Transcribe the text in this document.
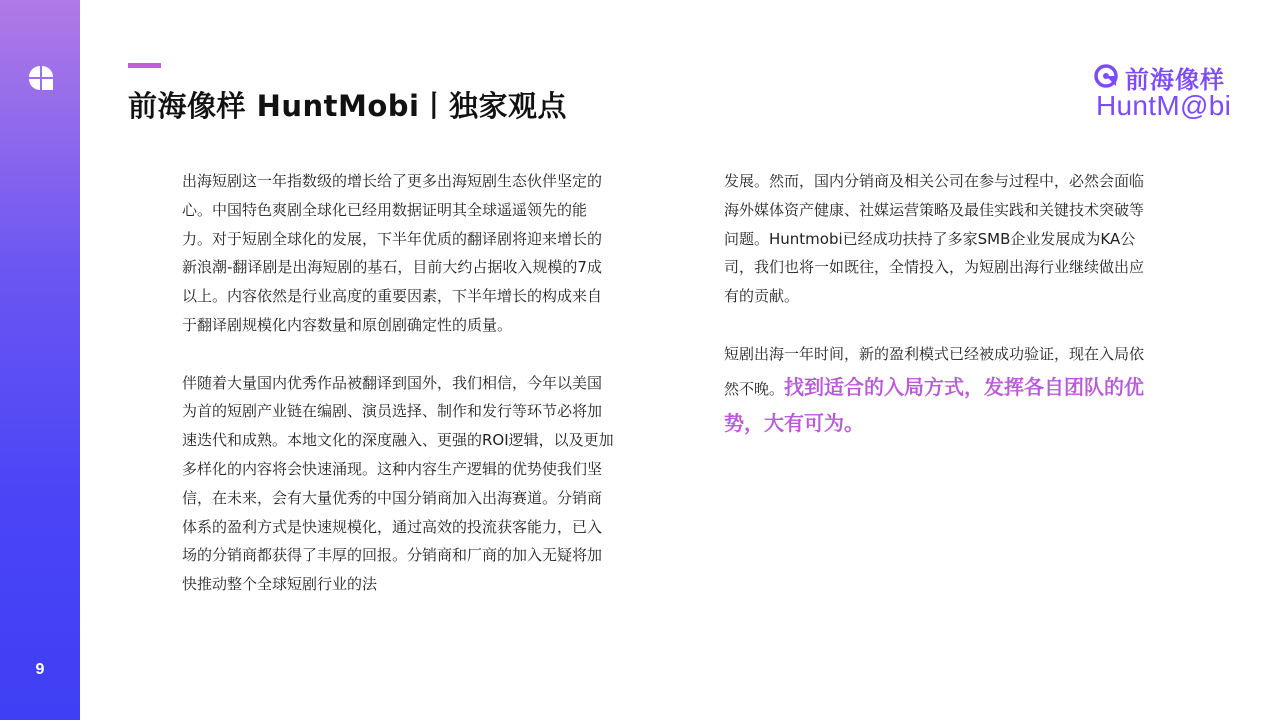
9
前海像样 HuntMobi丨独家观点
前海像样
HuntM@bi

出海短剧这一年指数级的增长给了更多出海短剧生态伙伴坚定的心。中国特色爽剧全球化已经用数据证明其全球遥遥领先的能力。对于短剧全球化的发展，下半年优质的翻译剧将迎来增长的新浪潮-翻译剧是出海短剧的基石，目前大约占据收入规模的7成以上。内容依然是行业高度的重要因素，下半年增长的构成来自于翻译剧规模化内容数量和原创剧确定性的质量。

伴随着大量国内优秀作品被翻译到国外，我们相信，今年以美国为首的短剧产业链在编剧、演员选择、制作和发行等环节必将加速迭代和成熟。本地文化的深度融入、更强的ROI逻辑，以及更加多样化的内容将会快速涌现。这种内容生产逻辑的优势使我们坚信，在未来，会有大量优秀的中国分销商加入出海赛道。分销商体系的盈利方式是快速规模化，通过高效的投流获客能力，已入场的分销商都获得了丰厚的回报。分销商和厂商的加入无疑将加快推动整个全球短剧行业的法

发展。然而，国内分销商及相关公司在参与过程中，必然会面临海外媒体资产健康、社媒运营策略及最佳实践和关键技术突破等问题。Huntmobi已经成功扶持了多家SMB企业发展成为KA公司，我们也将一如既往，全情投入，为短剧出海行业继续做出应有的贡献。

短剧出海一年时间，新的盈利模式已经被成功验证，现在入局依然不晚。找到适合的入局方式，发挥各自团队的优势，大有可为。
